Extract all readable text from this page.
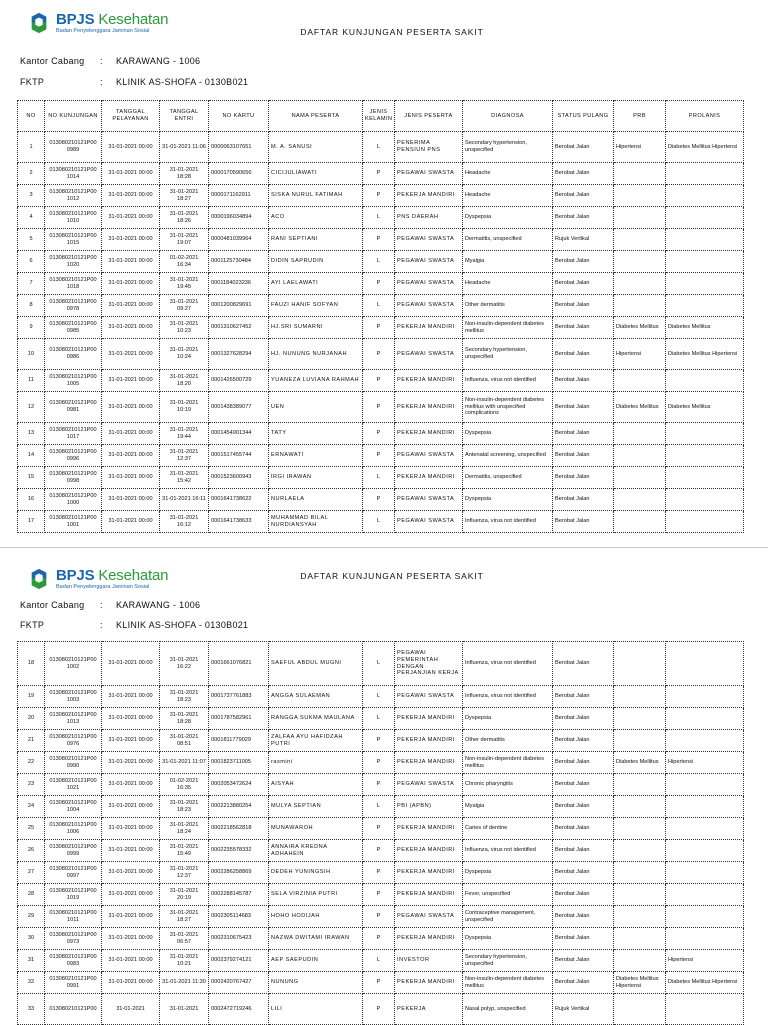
BPJS Kesehatan
Badan Penyelenggara Jaminan Sosial	DAFTAR KUNJUNGAN PESERTA SAKIT
Kantor Cabang : KARAWANG - 1006
FKTP	: KLINIK AS-SHOFA - 0130B021
NO	NO KUNJUNGAN	TANGGAL PELAYANAN	TANGGAL ENTRI	NO KARTU	NAMA PESERTA	JENIS KELAMIN	JENIS PESERTA	DIAGNOSA	STATUS PULANG	PRB	PROLANIS
1	013080210121P00 0989	31-01-2021 00:00	31-01-2021 11:06	0000063107651	M. A. SANUSI	L	PENERIMA PENSIUN PNS	Secondary hypertension, unspecified	Berobat Jalan	Hipertensi	Diabetes Mellitus Hipertensi
2	013080210121P00 1014	31-01-2021 00:00	31-01-2021 18:28	0000170590656	CICIJULIAWATI	P	PEGAWAI SWASTA	Headache	Berobat Jalan		
3	013080210121P00 1012	31-01-2021 00:00	31-01-2021 18:27	0000171162911	SISKA NURUL FATIMAH	P	PEKERJA MANDIRI	Headache	Berobat Jalan		
4	013080210121P00 1010	31-01-2021 00:00	31-01-2021 18:26	0000196034894	ACO	L	PNS DAERAH	Dyspepsia	Berobat Jalan		
5	013080210121P00 1015	31-01-2021 00:00	31-01-2021 19:07	0000481039964	RANI SEPTIANI	P	PEGAWAI SWASTA	Dermatitis, unspecified	Rujuk Vertikal		
6	013080210121P00 1020	31-01-2021 00:00	01-02-2021 16:34	0001125730484	DIDIN SAPRUDIN	L	PEGAWAI SWASTA	Myalgia	Berobat Jalan		
7	013080210121P00 1018	31-01-2021 00:00	31-01-2021 19:45	0001184023236	AYI LAELAWATI	P	PEGAWAI SWASTA	Headache	Berobat Jalan		
8	013080210121P00 0978	31-01-2021 00:00	31-01-2021 09:27	0001200829691	FAUZI HANIF SOFYAN	L	PEGAWAI SWASTA	Other dermatitis	Berobat Jalan		
9	013080210121P00 0985	31-01-2021 00:00	31-01-2021 10:23	0001310627452	HJ.SRI SUMARNI	P	PEKERJA MANDIRI	Non-insulin-dependent diabetes mellitus	Berobat Jalan	Diabetes Mellitus	Diabetes Mellitus
10	013080210121P00 0986	31-01-2021 00:00	31-01-2021 10:24	0001327628294	HJ. NUNUNG NURJANAH	P	PEGAWAI SWASTA	Secondary hypertension, unspecified	Berobat Jalan	Hipertensi	Diabetes Mellitus Hipertensi
11	013080210121P00 1005	31-01-2021 00:00	31-01-2021 18:20	0001426500729	YUANEZA LUVIANA RAHMAH	P	PEKERJA MANDIRI	Influenza, virus not identified	Berobat Jalan		
12	013080210121P00 0981	31-01-2021 00:00	31-01-2021 10:19	0001438389077	UEN	P	PEKERJA MANDIRI	Non-insulin-dependent diabetes mellitus with unspecified complications	Berobat Jalan	Diabetes Mellitus	Diabetes Mellitus
13	013080210121P00 1017	31-01-2021 00:00	31-01-2021 19:44	0001454901344	TATY	P	PEKERJA MANDIRI	Dyspepsia	Berobat Jalan		
14	013080210121P00 0996	31-01-2021 00:00	31-01-2021 12:37	0001517455744	ERNAWATI	P	PEGAWAI SWASTA	Antenatal screening, unspecified	Berobat Jalan		
15	013080210121P00 0998	31-01-2021 00:00	31-01-2021 15:42	0001523600943	IRGI IRAWAN	L	PEKERJA MANDIRI	Dermatitis, unspecified	Berobat Jalan		
16	013080210121P00 1000	31-01-2021 00:00	31-01-2021 16:11	0001641738622	NURLAELA	P	PEGAWAI SWASTA	Dyspepsia	Berobat Jalan		
17	013080210121P00 1001	31-01-2021 00:00	31-01-2021 16:12	0001641738633	MUHAMMAD BILAL NURDIANSYAH	L	PEGAWAI SWASTA	Influenza, virus not identified	Berobat Jalan		
BPJS Kesehatan
Badan Penyelenggara Jaminan Sosial
DAFTAR KUNJUNGAN PESERTA SAKIT
Kantor Cabang : KARAWANG - 1006
FKTP	: KLINIK AS-SHOFA - 0130B021
18	013080210121P00 1002	31-01-2021 00:00	31-01-2021 16:22	0001661076821	SAEFUL ABDUL MUGNI	L	PEGAWAI PEMERINTAH DENGAN PERJANJIAN KERJA	Influenza, virus not identified	Berobat Jalan		
19	013080210121P00 1003	31-01-2021 00:00	31-01-2021 18:23	0001737761883	ANGGA SULAEMAN	L	PEGAWAI SWASTA	Influenza, virus not identified	Berobat Jalan		
20	013080210121P00 1013	31-01-2021 00:00	31-01-2021 18:28	0001787582961	RANGGA SUKMA MAULANA	L	PEKERJA MANDIRI	Dyspepsia	Berobat Jalan		
21	013080210121P00 0976	31-01-2021 00:00	31-01-2021 08:51	0001811779029	ZALFAA AYU HAFIDZAH PUTRI	P	PEKERJA MANDIRI	Other dermatitis	Berobat Jalan		
22	013080210121P00 0990	31-01-2021 00:00	31-01-2021 11:07	0001823711005	rasmini	P	PEKERJA MANDIRI	Non-insulin-dependent diabetes mellitus	Berobat Jalan	Diabetes Mellitus	Hipertensi
23	013080210121P00 1021	31-01-2021 00:00	01-02-2021 16:35	0002053472624	AISYAH	P	PEGAWAI SWASTA	Chronic pharyngitis	Berobat Jalan		
24	013080210121P00 1004	31-01-2021 00:00	31-01-2021 18:23	0002213880254	MULYA SEPTIAN	L	PBI (APBN)	Myalgia	Berobat Jalan		
25	013080210121P00 1006	31-01-2021 00:00	31-01-2021 18:24	0002218562818	MUNAWAROH	P	PEKERJA MANDIRI	Caries of dentine	Berobat Jalan		
26	013080210121P00 0999	31-01-2021 00:00	31-01-2021 15:49	0002235578332	ANNAIRA KREDNA ADHAHEIN	P	PEKERJA MANDIRI	Influenza, virus not identified	Berobat Jalan		
27	013080210121P00 0997	31-01-2021 00:00	31-01-2021 12:37	0002286258869	DEDEH YUNINGSIH	P	PEKERJA MANDIRI	Dyspepsia	Berobat Jalan		
28	013080210121P00 1019	31-01-2021 00:00	31-01-2021 20:19	0002288145787	SELA VIRZINIA PUTRI	P	PEKERJA MANDIRI	Fever, unspecified	Berobat Jalan		
29	013080210121P00 1011	31-01-2021 00:00	31-01-2021 18:27	0002305114683	HOHO HODIJAH	P	PEGAWAI SWASTA	Contraceptive management, unspecified	Berobat Jalan		
30	013080210121P00 0973	31-01-2021 00:00	31-01-2021 06:57	0002310675423	NAZWA DWITAMI IRAWAN	P	PEKERJA MANDIRI	Dyspepsia	Berobat Jalan		
31	013080210121P00 0983	31-01-2021 00:00	31-01-2021 10:21	0002379274121	AEP SAEPUDIN	L	INVESTOR	Secondary hypertension, unspecified	Berobat Jalan		Hipertensi
32	013080210121P00 0991	31-01-2021 00:00	31-01-2021 11:30	0002420767427	NUNUNG	P	PEKERJA MANDIRI	Non-insulin-dependent diabetes mellitus	Berobat Jalan	Diabetes Mellitus Hipertensi	Diabetes Mellitus Hipertensi
33	013080210121P00	31-01-2021	31-01-2021	0002472719246	LILI	P	PEKERJA	Nasal polyp, unspecified	Rujuk Vertikal		
